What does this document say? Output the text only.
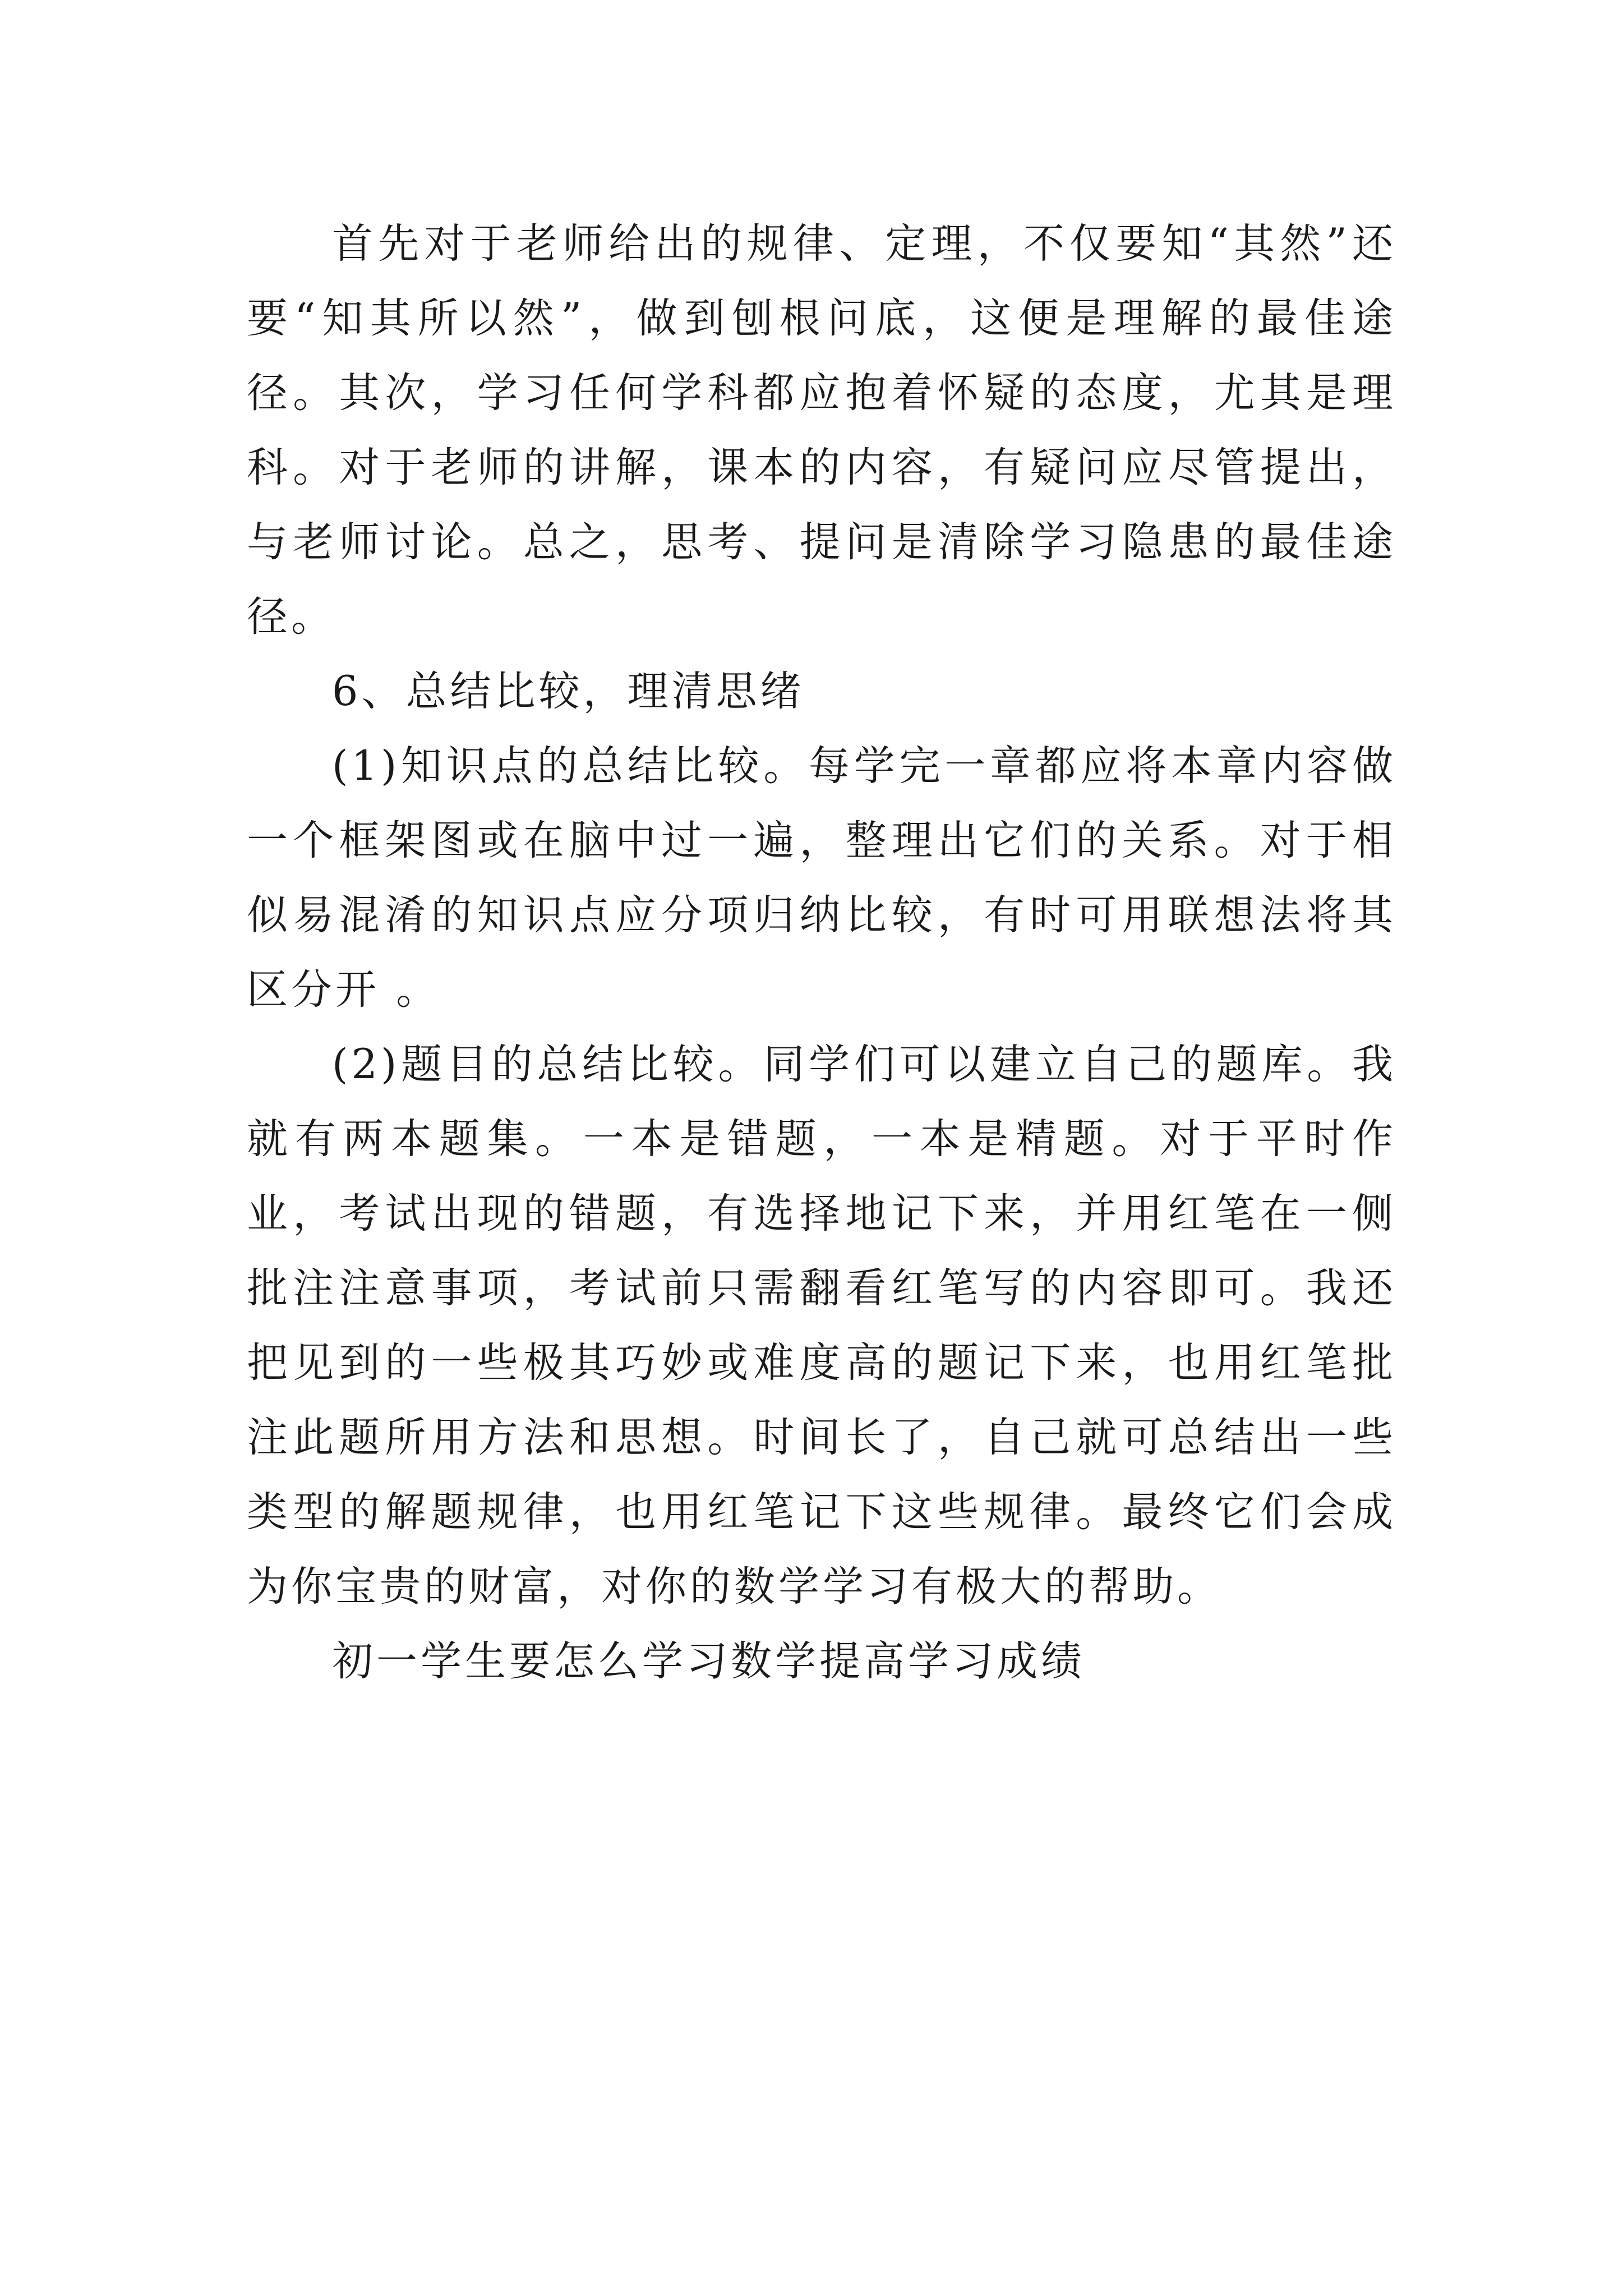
首先对于老师给出的规律、定理，不仅要知“其然”还要“知其所以然”，做到刨根问底，这便是理解的最佳途径。其次，学习任何学科都应抱着怀疑的态度，尤其是理科。对于老师的讲解，课本的内容，有疑问应尽管提出，与老师讨论。总之，思考、提问是清除学习隐患的最佳途径。

6、总结比较，理清思绪

(1)知识点的总结比较。每学完一章都应将本章内容做一个框架图或在脑中过一遍，整理出它们的关系。对于相似易混淆的知识点应分项归纳比较，有时可用联想法将其区分开 。

(2)题目的总结比较。同学们可以建立自己的题库。我就有两本题集。一本是错题，一本是精题。对于平时作业，考试出现的错题，有选择地记下来，并用红笔在一侧批注注意事项，考试前只需翻看红笔写的内容即可。我还把见到的一些极其巧妙或难度高的题记下来，也用红笔批注此题所用方法和思想。时间长了，自己就可总结出一些类型的解题规律，也用红笔记下这些规律。最终它们会成为你宝贵的财富，对你的数学学习有极大的帮助。

初一学生要怎么学习数学提高学习成绩
